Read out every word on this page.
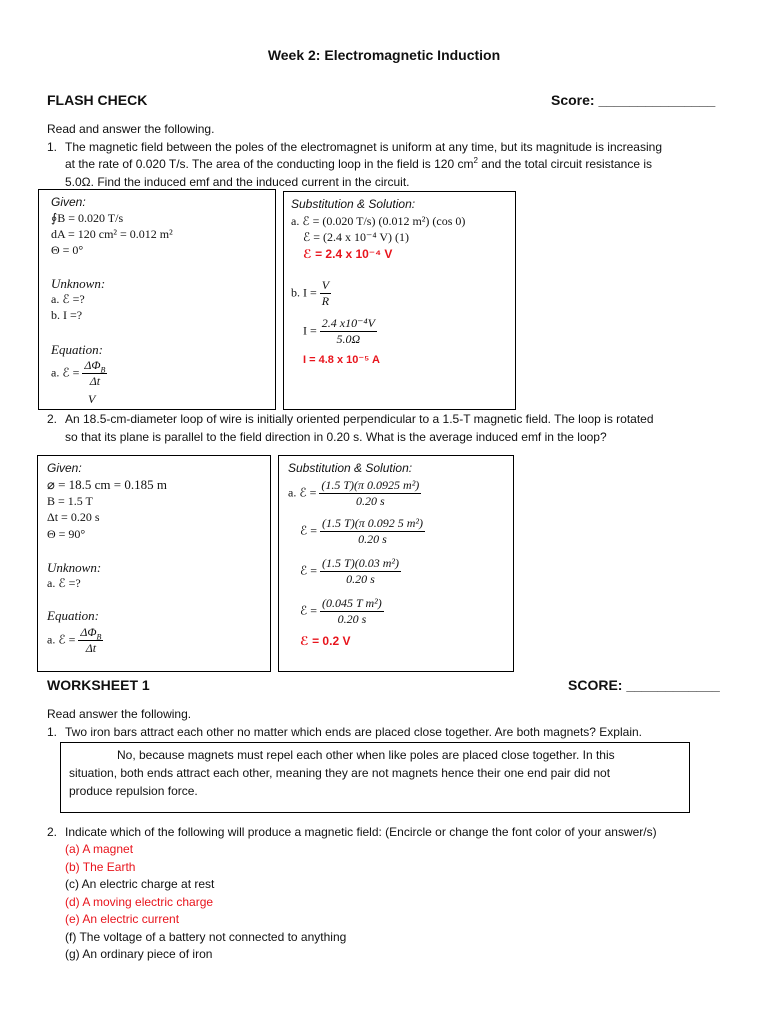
Week 2: Electromagnetic Induction
FLASH CHECK	Score: _______________
Read and answer the following.
1. The magnetic field between the poles of the electromagnet is uniform at any time, but its magnitude is increasing
at the rate of 0.020 T/s. The area of the conducting loop in the field is 120 $cm^2$ and the total circuit resistance is
5.0Ω. Find the induced emf and the induced current in the circuit.
Given:
∮B = 0.020 T/s
dA = 120 cm² = 0.012 m²
Θ = 0°
Unknown:
a. ℰ =?
b. I =?
Equation:
a. ℰ = $\frac{\Delta\Phi_B}{\Delta t}$
V
Substitution & Solution:
a. ℰ = (0.020 T/s) (0.012 m²) (cos 0)
ℰ = (2.4 x 10⁻⁴ V) (1)
ℰ = 2.4 x 10⁻⁴ V
b. $I = \frac{V}{R}$
$I = \frac{\text{2.4 x10⁻⁴V}}{5.0\Omega}$
I = 4.8 x 10⁻⁵ A
2. An 18.5-cm-diameter loop of wire is initially oriented perpendicular to a 1.5-T magnetic field. The loop is rotated
so that its plane is parallel to the field direction in 0.20 s. What is the average induced emf in the loop?
Given:
⌀ = 18.5 cm = 0.185 m
B = 1.5 T
Δt = 0.20 s
Θ = 90°
Unknown:
a. ℰ =?
Equation:
a. ℰ = $\frac{\Delta\Phi_B}{\Delta t}$
Substitution & Solution:
a. ℰ = $\frac{\text{(1.5 T)(π 0.0925 m²)}}{0.20 s}$
ℰ = $\frac{\text{(1.5 T)(π 0.092 5 m²)}}{0.20 s}$
ℰ = $\frac{\text{(1.5 T)(0.03 m²)}}{0.20 s}$
ℰ = $\frac{\text{(0.045 T m²)}}{0.20 s}$
ℰ = 0.2 V
WORKSHEET 1	SCORE: ____________
Read answer the following.
1. Two iron bars attract each other no matter which ends are placed close together. Are both magnets? Explain.
No, because magnets must repel each other when like poles are placed close together. In this
situation, both ends attract each other, meaning they are not magnets hence their one end pair did not
produce repulsion force.
2. Indicate which of the following will produce a magnetic field: (Encircle or change the font color of your answer/s)
(a) A magnet
(b) The Earth
(c) An electric charge at rest
(d) A moving electric charge
(e) An electric current
(f) The voltage of a battery not connected to anything
(g) An ordinary piece of iron
